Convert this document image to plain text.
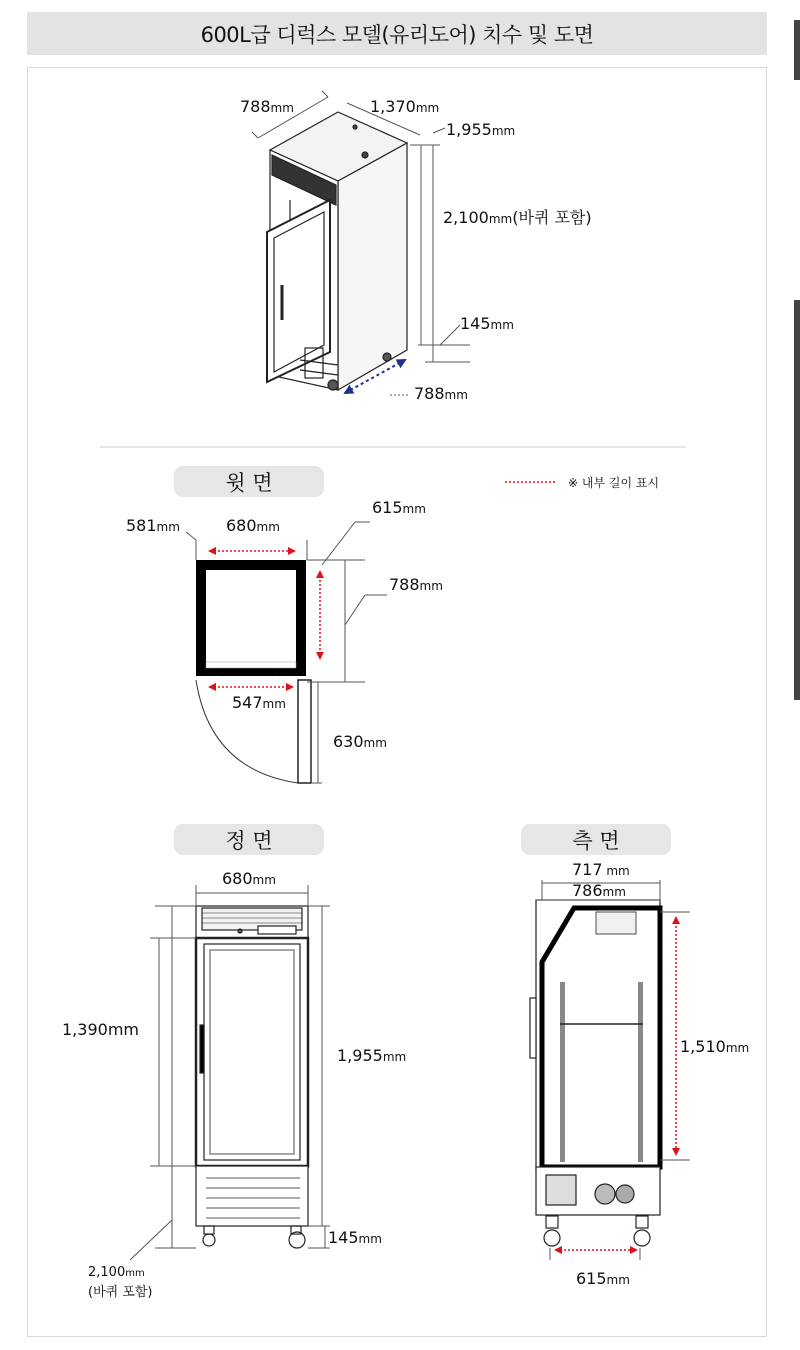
600L급 디럭스 모델(유리도어) 치수 및 도면
788mm	1,370mm
1,955mm
2,100mm(바퀴 포함)
145mm
788mm
윗 면	※ 내부 길이 표시
581mm	680mm
615mm
788mm
547mm
630mm
정 면
680mm
1,390mm
1,955mm
145mm
2,100mm
(바퀴 포함)
측 면
717 mm
786mm
1,510mm
615mm
